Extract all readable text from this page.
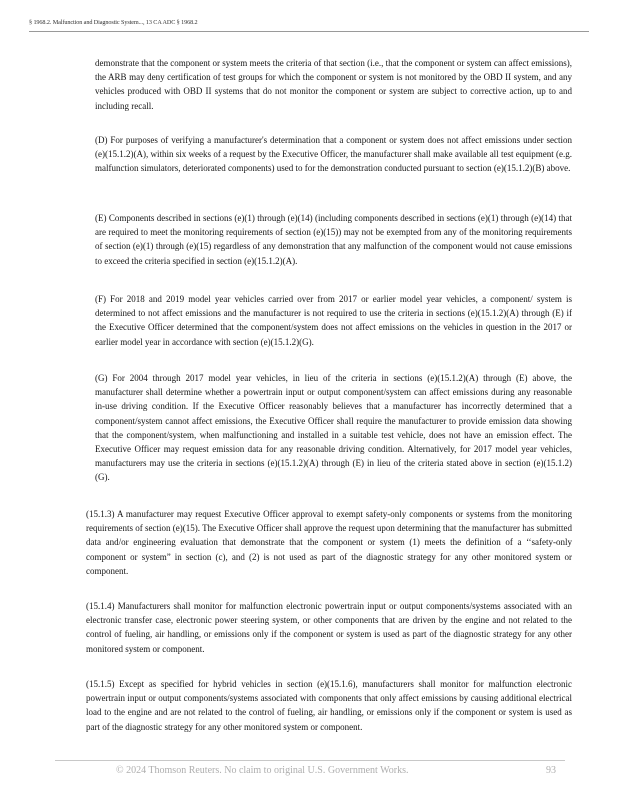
§ 1968.2. Malfunction and Diagnostic System..., 13 CA ADC § 1968.2

demonstrate that the component or system meets the criteria of that section (i.e., that the component or system can affect emissions), the ARB may deny certification of test groups for which the component or system is not monitored by the OBD II system, and any vehicles produced with OBD II systems that do not monitor the component or system are subject to corrective action, up to and including recall.

(D) For purposes of verifying a manufacturer's determination that a component or system does not affect emissions under section (e)(15.1.2)(A), within six weeks of a request by the Executive Officer, the manufacturer shall make available all test equipment (e.g. malfunction simulators, deteriorated components) used to for the demonstration conducted pursuant to section (e)(15.1.2)(B) above.

(E) Components described in sections (e)(1) through (e)(14) (including components described in sections (e)(1) through (e)(14) that are required to meet the monitoring requirements of section (e)(15)) may not be exempted from any of the monitoring requirements of section (e)(1) through (e)(15) regardless of any demonstration that any malfunction of the component would not cause emissions to exceed the criteria specified in section (e)(15.1.2)(A).

(F) For 2018 and 2019 model year vehicles carried over from 2017 or earlier model year vehicles, a component/ system is determined to not affect emissions and the manufacturer is not required to use the criteria in sections (e)(15.1.2)(A) through (E) if the Executive Officer determined that the component/system does not affect emissions on the vehicles in question in the 2017 or earlier model year in accordance with section (e)(15.1.2)(G).

(G) For 2004 through 2017 model year vehicles, in lieu of the criteria in sections (e)(15.1.2)(A) through (E) above, the manufacturer shall determine whether a powertrain input or output component/system can affect emissions during any reasonable in-use driving condition. If the Executive Officer reasonably believes that a manufacturer has incorrectly determined that a component/system cannot affect emissions, the Executive Officer shall require the manufacturer to provide emission data showing that the component/system, when malfunctioning and installed in a suitable test vehicle, does not have an emission effect. The Executive Officer may request emission data for any reasonable driving condition. Alternatively, for 2017 model year vehicles, manufacturers may use the criteria in sections (e)(15.1.2)(A) through (E) in lieu of the criteria stated above in section (e)(15.1.2)(G).

(15.1.3) A manufacturer may request Executive Officer approval to exempt safety-only components or systems from the monitoring requirements of section (e)(15). The Executive Officer shall approve the request upon determining that the manufacturer has submitted data and/or engineering evaluation that demonstrate that the component or system (1) meets the definition of a ‘‘safety-only component or system” in section (c), and (2) is not used as part of the diagnostic strategy for any other monitored system or component.

(15.1.4) Manufacturers shall monitor for malfunction electronic powertrain input or output components/systems associated with an electronic transfer case, electronic power steering system, or other components that are driven by the engine and not related to the control of fueling, air handling, or emissions only if the component or system is used as part of the diagnostic strategy for any other monitored system or component.

(15.1.5) Except as specified for hybrid vehicles in section (e)(15.1.6), manufacturers shall monitor for malfunction electronic powertrain input or output components/systems associated with components that only affect emissions by causing additional electrical load to the engine and are not related to the control of fueling, air handling, or emissions only if the component or system is used as part of the diagnostic strategy for any other monitored system or component.

© 2024 Thomson Reuters. No claim to original U.S. Government Works.	93
